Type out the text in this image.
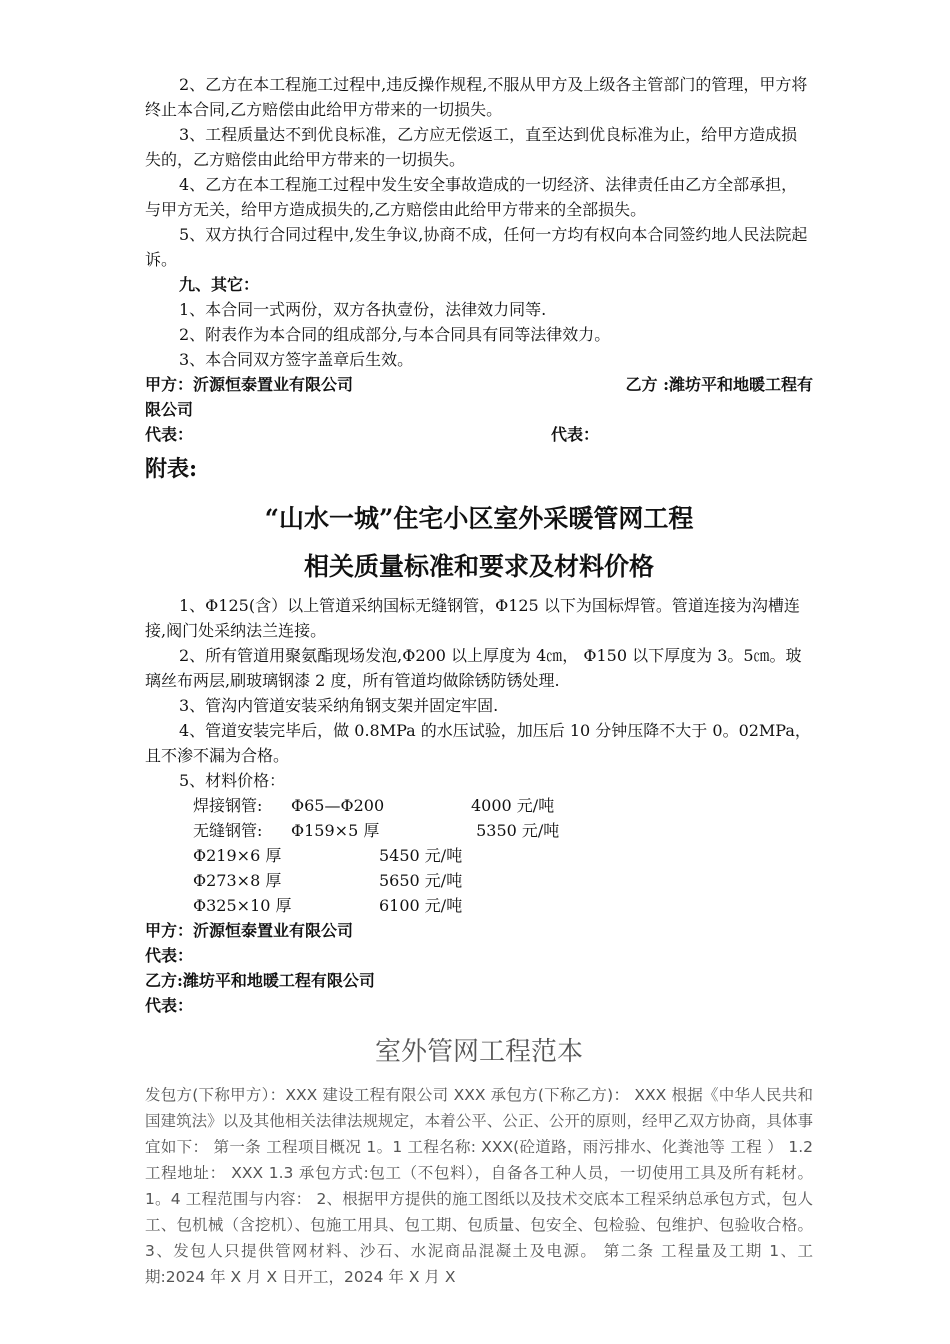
2、乙方在本工程施工过程中,违反操作规程,不服从甲方及上级各主管部门的管理，甲方将终止本合同,乙方赔偿由此给甲方带来的一切损失。

3、工程质量达不到优良标准，乙方应无偿返工，直至达到优良标准为止，给甲方造成损失的，乙方赔偿由此给甲方带来的一切损失。

4、乙方在本工程施工过程中发生安全事故造成的一切经济、法律责任由乙方全部承担，与甲方无关，给甲方造成损失的,乙方赔偿由此给甲方带来的全部损失。

5、双方执行合同过程中,发生争议,协商不成，任何一方均有权向本合同签约地人民法院起诉。

九、其它：

1、本合同一式两份，双方各执壹份，法律效力同等.

2、附表作为本合同的组成部分,与本合同具有同等法律效力。

3、本合同双方签字盖章后生效。

甲方：沂源恒泰置业有限公司	乙方 :潍坊平和地暖工程有

限公司

代表：	代表：
附表:
“山水一城”住宅小区室外采暖管网工程
相关质量标准和要求及材料价格

1、Φ125(含）以上管道采纳国标无缝钢管，Φ125 以下为国标焊管。管道连接为沟槽连接,阀门处采纳法兰连接。

2、所有管道用聚氨酯现场发泡,Φ200 以上厚度为 4㎝， Φ150 以下厚度为 3。5㎝。玻璃丝布两层,刷玻璃钢漆 2 度，所有管道均做除锈防锈处理.

3、管沟内管道安装采纳角钢支架并固定牢固.

4、管道安装完毕后，做 0.8MPa 的水压试验，加压后 10 分钟压降不大于 0。02MPa，且不渗不漏为合格。

5、材料价格：

焊接钢管:	Φ65—Φ200	4000 元/吨
无缝钢管:	Φ159×5 厚	5350 元/吨
Φ219×6 厚	5450 元/吨
Φ273×8 厚	5650 元/吨
Φ325×10 厚	6100 元/吨

甲方：沂源恒泰置业有限公司

代表：

乙方:潍坊平和地暖工程有限公司

代表：

室外管网工程范本
发包方(下称甲方）：XXX 建设工程有限公司 XXX 承包方(下称乙方)： XXX 根据《中华人民共和国建筑法》以及其他相关法律法规规定，本着公平、公正、公开的原则，经甲乙双方协商，具体事宜如下： 第一条 工程项目概况 1。1 工程名称: XXX(砼道路，雨污排水、化粪池等 工程 ） 1.2 工程地址： XXX 1.3 承包方式:包工（不包料），自备各工种人员，一切使用工具及所有耗材。 1。4 工程范围与内容： 2、根据甲方提供的施工图纸以及技术交底本工程采纳总承包方式，包人工、包机械（含挖机）、包施工用具、包工期、包质量、包安全、包检验、包维护、包验收合格。 3、发包人只提供管网材料、沙石、水泥商品混凝土及电源。 第二条 工程量及工期 1、工期:2024 年 X 月 X 日开工，2024 年 X 月 X
